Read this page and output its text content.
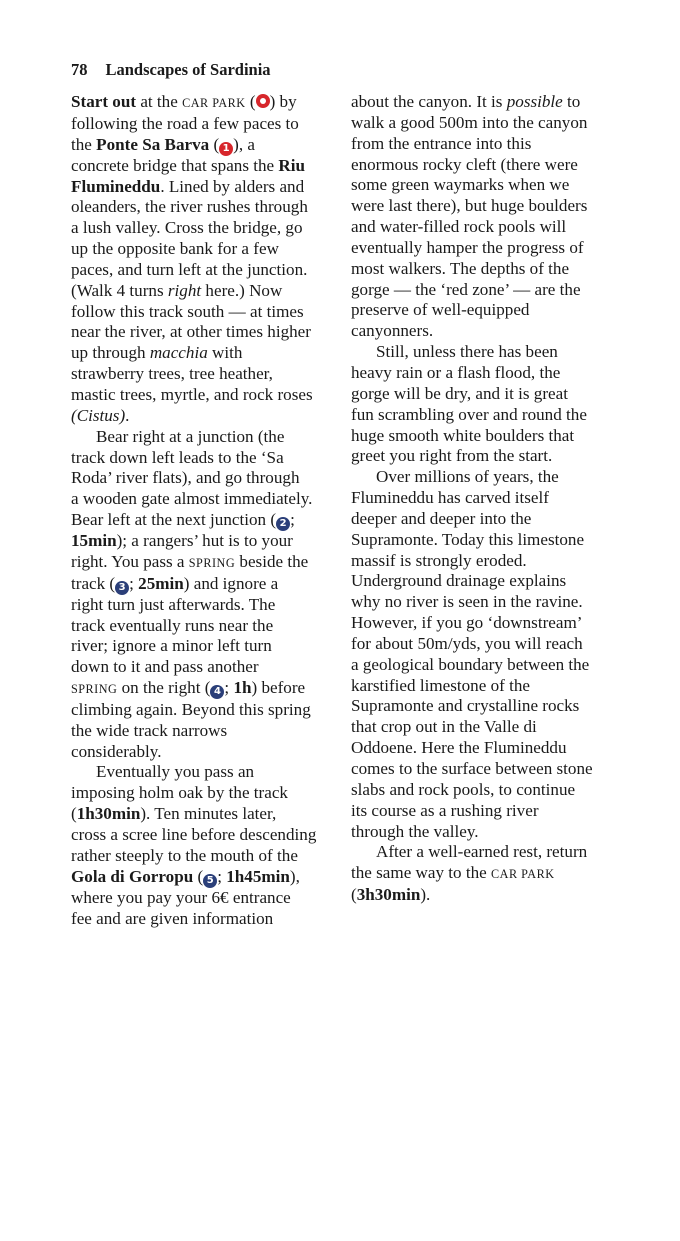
78 Landscapes of Sardinia
Start out at the CAR PARK ( ) by
following the road a few paces to
the Ponte Sa Barva ( 1 ), a
concrete bridge that spans the Riu
Flumineddu. Lined by alders and
oleanders, the river rushes through
a lush valley. Cross the bridge, go
up the opposite bank for a few
paces, and turn left at the junction.
(Walk 4 turns right here.) Now
follow this track south — at times
near the river, at other times higher
up through macchia with
strawberry trees, tree heather,
mastic trees, myrtle, and rock roses
(Cistus).
Bear right at a junction (the
track down left leads to the ‘Sa
Roda’ river flats), and go through
a wooden gate almost immediately.
Bear left at the next junction ( 2 ;
15min); a rangers’ hut is to your
right. You pass a SPRING beside the
track ( 3 ; 25min) and ignore a
right turn just afterwards. The
track eventually runs near the
river; ignore a minor left turn
down to it and pass another
SPRING on the right ( 4 ; 1h) before
climbing again. Beyond this spring
the wide track narrows
considerably.
Eventually you pass an
imposing holm oak by the track
(1h30min). Ten minutes later,
cross a scree line before descending
rather steeply to the mouth of the
Gola di Gorropu ( 5 ; 1h45min),
where you pay your 6€ entrance
fee and are given information
about the canyon. It is possible to
walk a good 500m into the canyon
from the entrance into this
enormous rocky cleft (there were
some green waymarks when we
were last there), but huge boulders
and water-filled rock pools will
eventually hamper the progress of
most walkers. The depths of the
gorge — the ‘red zone’ — are the
preserve of well-equipped
canyonners.
Still, unless there has been
heavy rain or a flash flood, the
gorge will be dry, and it is great
fun scrambling over and round the
huge smooth white boulders that
greet you right from the start.
Over millions of years, the
Flumineddu has carved itself
deeper and deeper into the
Supramonte. Today this limestone
massif is strongly eroded.
Underground drainage explains
why no river is seen in the ravine.
However, if you go ‘downstream’
for about 50m/yds, you will reach
a geological boundary between the
karstified limestone of the
Supramonte and crystalline rocks
that crop out in the Valle di
Oddoene. Here the Flumineddu
comes to the surface between stone
slabs and rock pools, to continue
its course as a rushing river
through the valley.
After a well-earned rest, return
the same way to the CAR PARK
(3h30min).
